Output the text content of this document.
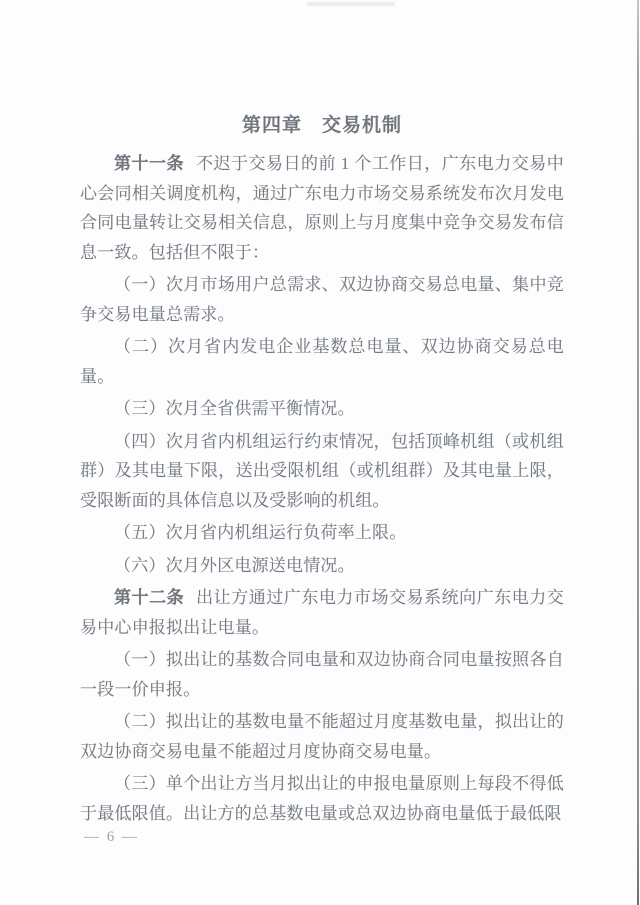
第四章　交易机制

第十一条 不迟于交易日的前 1 个工作日，广东电力交易中心会同相关调度机构，通过广东电力市场交易系统发布次月发电合同电量转让交易相关信息，原则上与月度集中竞争交易发布信息一致。包括但不限于：

（一）次月市场用户总需求、双边协商交易总电量、集中竞争交易电量总需求。

（二）次月省内发电企业基数总电量、双边协商交易总电量。

（三）次月全省供需平衡情况。

（四）次月省内机组运行约束情况，包括顶峰机组（或机组群）及其电量下限，送出受限机组（或机组群）及其电量上限，受限断面的具体信息以及受影响的机组。

（五）次月省内机组运行负荷率上限。

（六）次月外区电源送电情况。

第十二条 出让方通过广东电力市场交易系统向广东电力交易中心申报拟出让电量。

（一）拟出让的基数合同电量和双边协商合同电量按照各自一段一价申报。

（二）拟出让的基数电量不能超过月度基数电量，拟出让的双边协商交易电量不能超过月度协商交易电量。

（三）单个出让方当月拟出让的申报电量原则上每段不得低于最低限值。出让方的总基数电量或总双边协商电量低于最低限

— 6 —
